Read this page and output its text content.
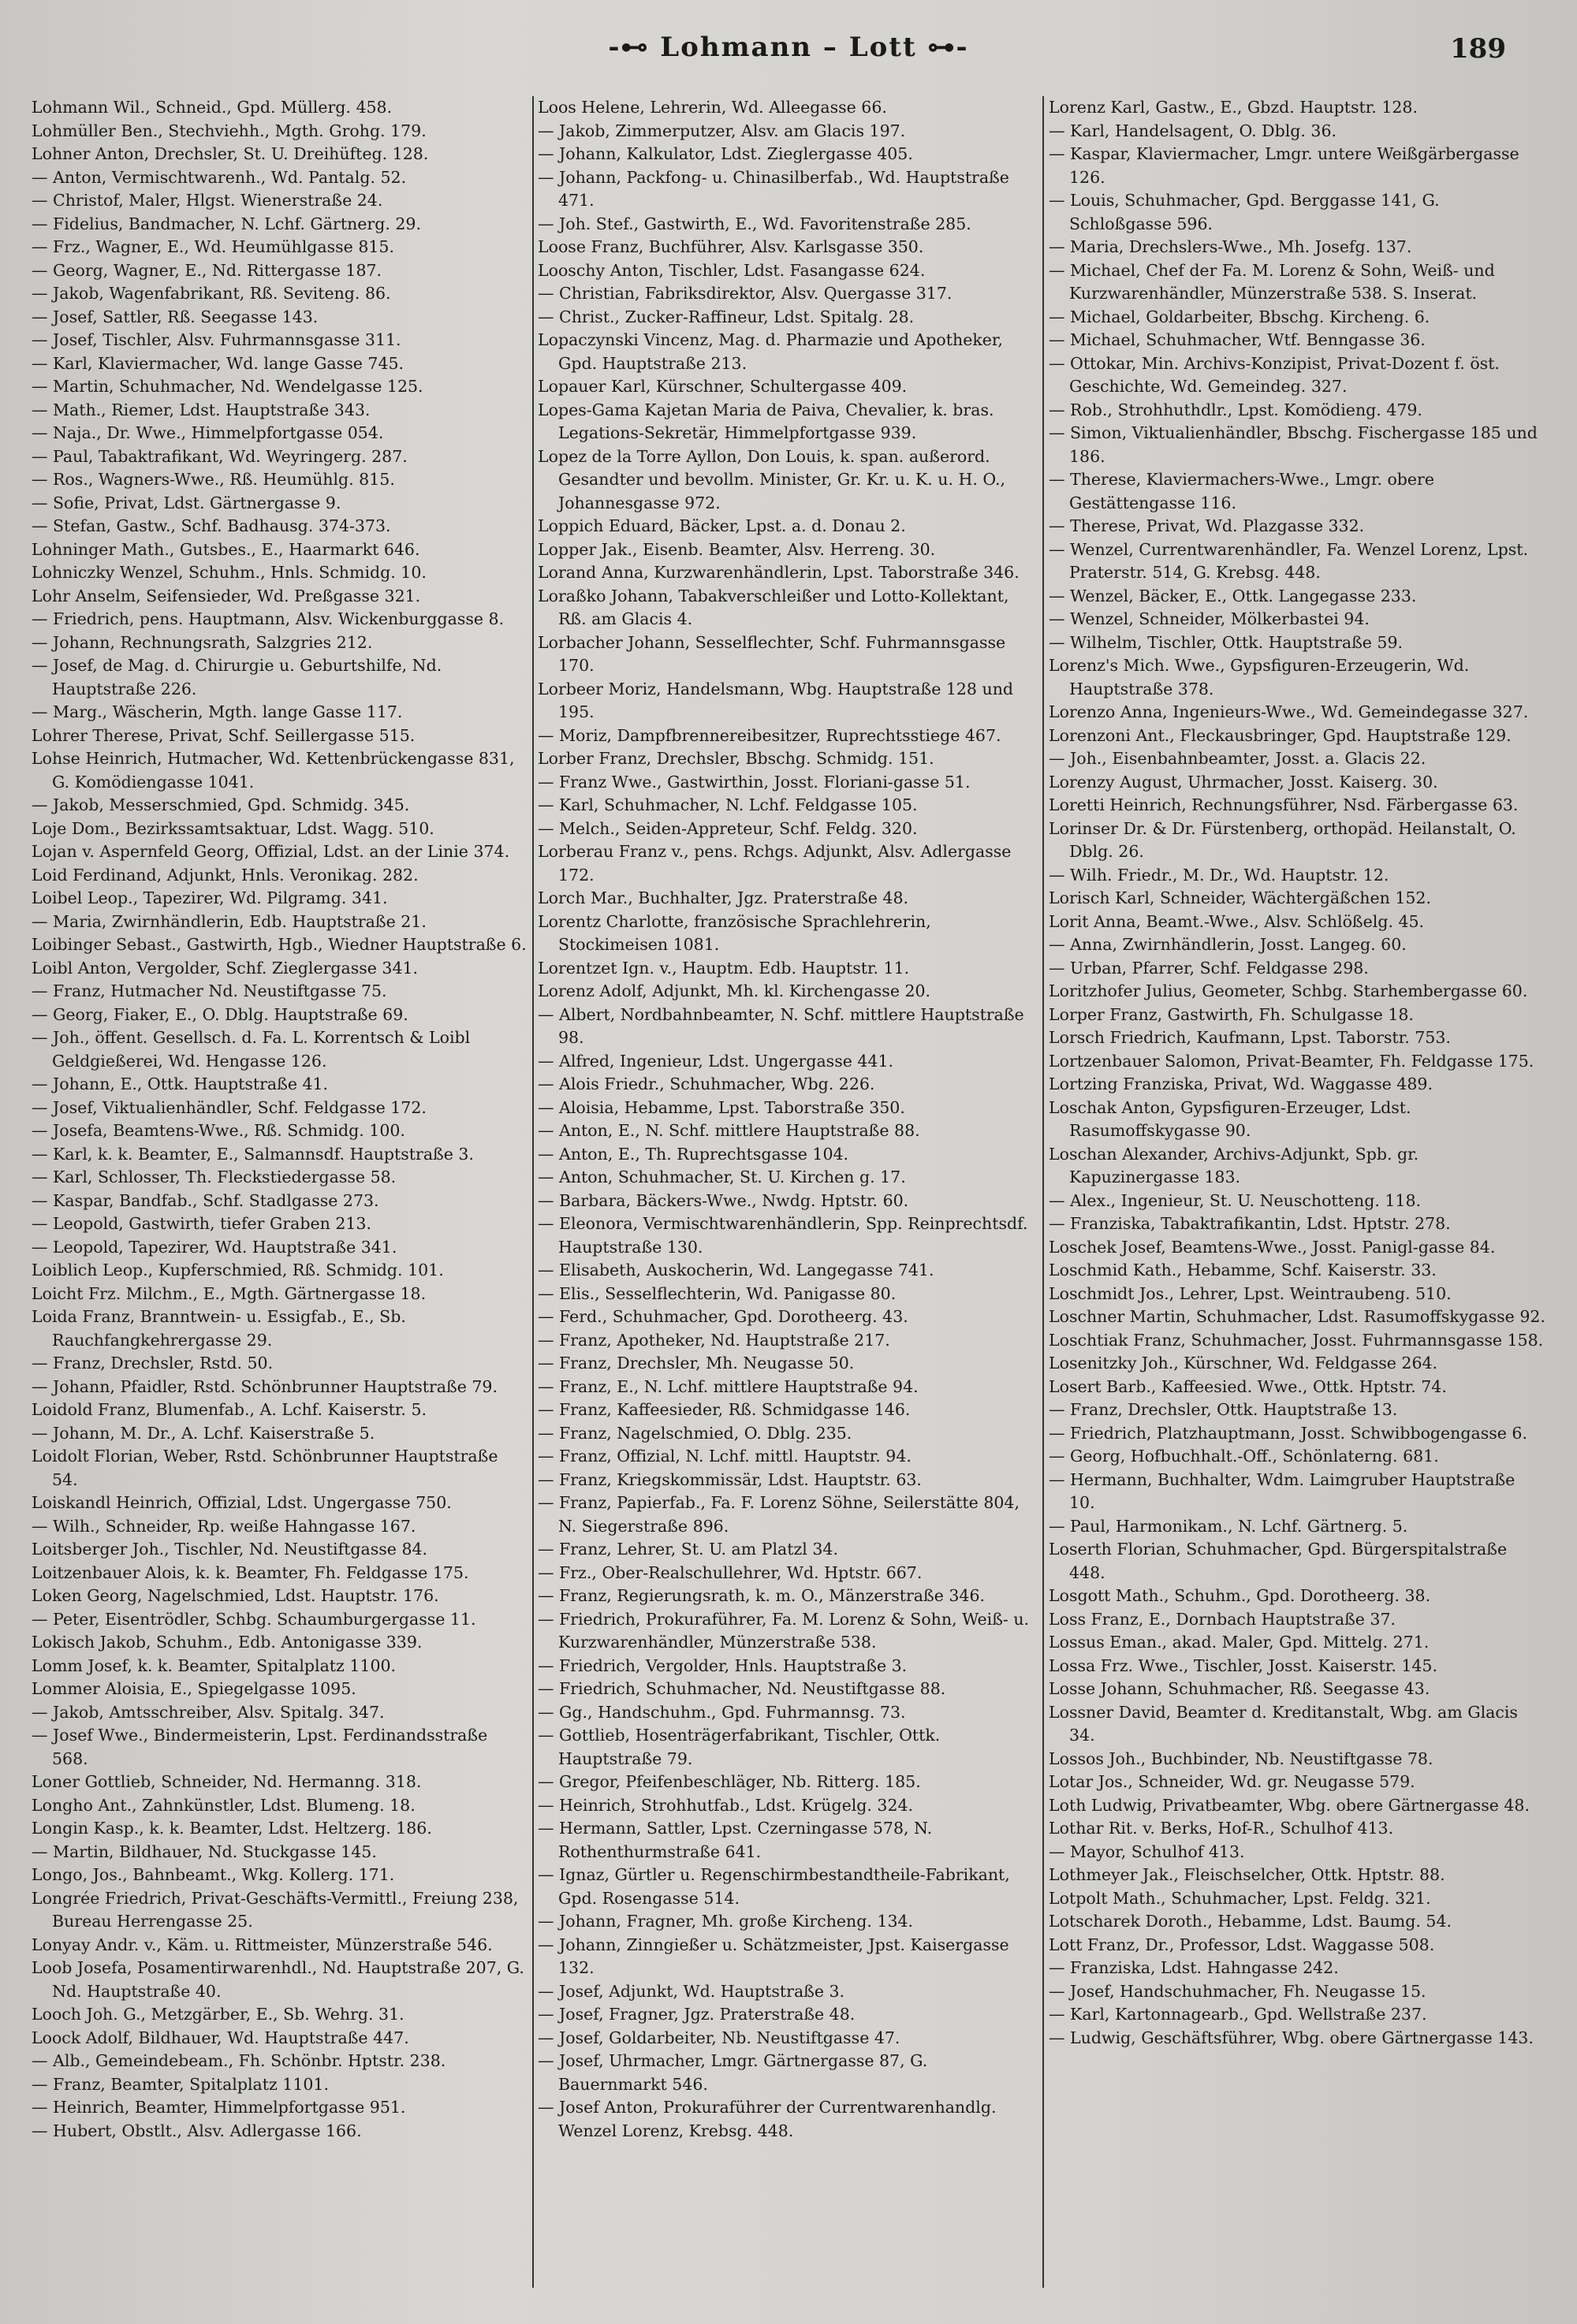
-⊷ Lohmann – Lott ⊶-	189
Lohmann Wil., Schneid., Gpd. Müllerg. 458.
Lohmüller Ben., Stechviehh., Mgth. Grohg. 179.
Lohner Anton, Drechsler, St. U. Dreihüfteg. 128.
— Anton, Vermischtwarenh., Wd. Pantalg. 52.
— Christof, Maler, Hlgst. Wienerstraße 24.
— Fidelius, Bandmacher, N. Lchf. Gärtnerg. 29.
— Frz., Wagner, E., Wd. Heumühlgasse 815.
— Georg, Wagner, E., Nd. Rittergasse 187.
— Jakob, Wagenfabrikant, Rß. Seviteng. 86.
— Josef, Sattler, Rß. Seegasse 143.
— Josef, Tischler, Alsv. Fuhrmannsgasse 311.
— Karl, Klaviermacher, Wd. lange Gasse 745.
— Martin, Schuhmacher, Nd. Wendelgasse 125.
— Math., Riemer, Ldst. Hauptstraße 343.
— Naja., Dr. Wwe., Himmelpfortgasse 054.
— Paul, Tabaktrafikant, Wd. Weyringerg. 287.
— Ros., Wagners-Wwe., Rß. Heumühlg. 815.
— Sofie, Privat, Ldst. Gärtnergasse 9.
— Stefan, Gastw., Schf. Badhausg. 374-373.
Lohninger Math., Gutsbes., E., Haarmarkt 646.
Lohniczky Wenzel, Schuhm., Hnls. Schmidg. 10.
Lohr Anselm, Seifensieder, Wd. Preßgasse 321.
— Friedrich, pens. Hauptmann, Alsv. Wickenburggasse 8.
— Johann, Rechnungsrath, Salzgries 212.
— Josef, de Mag. d. Chirurgie u. Geburtshilfe, Nd. Hauptstraße 226.
— Marg., Wäscherin, Mgth. lange Gasse 117.
Lohrer Therese, Privat, Schf. Seillergasse 515.
Lohse Heinrich, Hutmacher, Wd. Kettenbrückengasse 831, G. Komödiengasse 1041.
— Jakob, Messerschmied, Gpd. Schmidg. 345.
Loje Dom., Bezirkssamtsaktuar, Ldst. Wagg. 510.
Lojan v. Aspernfeld Georg, Offizial, Ldst. an der Linie 374.
Loid Ferdinand, Adjunkt, Hnls. Veronikag. 282.
Loibel Leop., Tapezirer, Wd. Pilgramg. 341.
— Maria, Zwirnhändlerin, Edb. Hauptstraße 21.
Loibinger Sebast., Gastwirth, Hgb., Wiedner Hauptstraße 6.
Loibl Anton, Vergolder, Schf. Zieglergasse 341.
— Franz, Hutmacher Nd. Neustiftgasse 75.
— Georg, Fiaker, E., O. Dblg. Hauptstraße 69.
— Joh., öffent. Gesellsch. d. Fa. L. Korrentsch & Loibl Geldgießerei, Wd. Hengasse 126.
— Johann, E., Ottk. Hauptstraße 41.
— Josef, Viktualienhändler, Schf. Feldgasse 172.
— Josefa, Beamtens-Wwe., Rß. Schmidg. 100.
— Karl, k. k. Beamter, E., Salmannsdf. Hauptstraße 3.
— Karl, Schlosser, Th. Fleckstiedergasse 58.
— Kaspar, Bandfab., Schf. Stadlgasse 273.
— Leopold, Gastwirth, tiefer Graben 213.
— Leopold, Tapezirer, Wd. Hauptstraße 341.
Loiblich Leop., Kupferschmied, Rß. Schmidg. 101.
Loicht Frz. Milchm., E., Mgth. Gärtnergasse 18.
Loida Franz, Branntwein- u. Essigfab., E., Sb. Rauchfangkehrergasse 29.
— Franz, Drechsler, Rstd. 50.
— Johann, Pfaidler, Rstd. Schönbrunner Hauptstraße 79.
Loidold Franz, Blumenfab., A. Lchf. Kaiserstr. 5.
— Johann, M. Dr., A. Lchf. Kaiserstraße 5.
Loidolt Florian, Weber, Rstd. Schönbrunner Hauptstraße 54.
Loiskandl Heinrich, Offizial, Ldst. Ungergasse 750.
— Wilh., Schneider, Rp. weiße Hahngasse 167.
Loitsberger Joh., Tischler, Nd. Neustiftgasse 84.
Loitzenbauer Alois, k. k. Beamter, Fh. Feldgasse 175.
Loken Georg, Nagelschmied, Ldst. Hauptstr. 176.
— Peter, Eisentrödler, Schbg. Schaumburgergasse 11.
Lokisch Jakob, Schuhm., Edb. Antonigasse 339.
Lomm Josef, k. k. Beamter, Spitalplatz 1100.
Lommer Aloisia, E., Spiegelgasse 1095.
— Jakob, Amtsschreiber, Alsv. Spitalg. 347.
— Josef Wwe., Bindermeisterin, Lpst. Ferdinandsstraße 568.
Loner Gottlieb, Schneider, Nd. Hermanng. 318.
Longho Ant., Zahnkünstler, Ldst. Blumeng. 18.
Longin Kasp., k. k. Beamter, Ldst. Heltzerg. 186.
— Martin, Bildhauer, Nd. Stuckgasse 145.
Longo, Jos., Bahnbeamt., Wkg. Kollerg. 171.
Longrée Friedrich, Privat-Geschäfts-Vermittl., Freiung 238, Bureau Herrengasse 25.
Lonyay Andr. v., Käm. u. Rittmeister, Münzerstraße 546.
Loob Josefa, Posamentirwarenhdl., Nd. Hauptstraße 207, G. Nd. Hauptstraße 40.
Looch Joh. G., Metzgärber, E., Sb. Wehrg. 31.
Loock Adolf, Bildhauer, Wd. Hauptstraße 447.
— Alb., Gemeindebeam., Fh. Schönbr. Hptstr. 238.
— Franz, Beamter, Spitalplatz 1101.
— Heinrich, Beamter, Himmelpfortgasse 951.
— Hubert, Obstlt., Alsv. Adlergasse 166.
Loos Helene, Lehrerin, Wd. Alleegasse 66.
— Jakob, Zimmerputzer, Alsv. am Glacis 197.
— Johann, Kalkulator, Ldst. Zieglergasse 405.
— Johann, Packfong- u. Chinasilberfab., Wd. Hauptstraße 471.
— Joh. Stef., Gastwirth, E., Wd. Favoritenstraße 285.
Loose Franz, Buchführer, Alsv. Karlsgasse 350.
Looschy Anton, Tischler, Ldst. Fasangasse 624.
— Christian, Fabriksdirektor, Alsv. Quergasse 317.
— Christ., Zucker-Raffineur, Ldst. Spitalg. 28.
Lopaczynski Vincenz, Mag. d. Pharmazie und Apotheker, Gpd. Hauptstraße 213.
Lopauer Karl, Kürschner, Schultergasse 409.
Lopes-Gama Kajetan Maria de Paiva, Chevalier, k. bras. Legations-Sekretär, Himmelpfortgasse 939.
Lopez de la Torre Ayllon, Don Louis, k. span. außerord. Gesandter und bevollm. Minister, Gr. Kr. u. K. u. H. O., Johannesgasse 972.
Loppich Eduard, Bäcker, Lpst. a. d. Donau 2.
Lopper Jak., Eisenb. Beamter, Alsv. Herreng. 30.
Lorand Anna, Kurzwarenhändlerin, Lpst. Taborstraße 346.
Loraßko Johann, Tabakverschleißer und Lotto-Kollektant, Rß. am Glacis 4.
Lorbacher Johann, Sesselflechter, Schf. Fuhrmannsgasse 170.
Lorbeer Moriz, Handelsmann, Wbg. Hauptstraße 128 und 195.
— Moriz, Dampfbrennereibesitzer, Ruprechtsstiege 467.
Lorber Franz, Drechsler, Bbschg. Schmidg. 151.
— Franz Wwe., Gastwirthin, Josst. Floriani-gasse 51.
— Karl, Schuhmacher, N. Lchf. Feldgasse 105.
— Melch., Seiden-Appreteur, Schf. Feldg. 320.
Lorberau Franz v., pens. Rchgs. Adjunkt, Alsv. Adlergasse 172.
Lorch Mar., Buchhalter, Jgz. Praterstraße 48.
Lorentz Charlotte, französische Sprachlehrerin, Stockimeisen 1081.
Lorentzet Ign. v., Hauptm. Edb. Hauptstr. 11.
Lorenz Adolf, Adjunkt, Mh. kl. Kirchengasse 20.
— Albert, Nordbahnbeamter, N. Schf. mittlere Hauptstraße 98.
— Alfred, Ingenieur, Ldst. Ungergasse 441.
— Alois Friedr., Schuhmacher, Wbg. 226.
— Aloisia, Hebamme, Lpst. Taborstraße 350.
— Anton, E., N. Schf. mittlere Hauptstraße 88.
— Anton, E., Th. Ruprechtsgasse 104.
— Anton, Schuhmacher, St. U. Kirchen g. 17.
— Barbara, Bäckers-Wwe., Nwdg. Hptstr. 60.
— Eleonora, Vermischtwarenhändlerin, Spp. Reinprechtsdf. Hauptstraße 130.
— Elisabeth, Auskocherin, Wd. Langegasse 741.
— Elis., Sesselflechterin, Wd. Panigasse 80.
— Ferd., Schuhmacher, Gpd. Dorotheerg. 43.
— Franz, Apotheker, Nd. Hauptstraße 217.
— Franz, Drechsler, Mh. Neugasse 50.
— Franz, E., N. Lchf. mittlere Hauptstraße 94.
— Franz, Kaffeesieder, Rß. Schmidgasse 146.
— Franz, Nagelschmied, O. Dblg. 235.
— Franz, Offizial, N. Lchf. mittl. Hauptstr. 94.
— Franz, Kriegskommissär, Ldst. Hauptstr. 63.
— Franz, Papierfab., Fa. F. Lorenz Söhne, Seilerstätte 804, N. Siegerstraße 896.
— Franz, Lehrer, St. U. am Platzl 34.
— Frz., Ober-Realschullehrer, Wd. Hptstr. 667.
— Franz, Regierungsrath, k. m. O., Mänzerstraße 346.
— Friedrich, Prokuraführer, Fa. M. Lorenz & Sohn, Weiß- u. Kurzwarenhändler, Münzerstraße 538.
— Friedrich, Vergolder, Hnls. Hauptstraße 3.
— Friedrich, Schuhmacher, Nd. Neustiftgasse 88.
— Gg., Handschuhm., Gpd. Fuhrmannsg. 73.
— Gottlieb, Hosenträgerfabrikant, Tischler, Ottk. Hauptstraße 79.
— Gregor, Pfeifenbeschläger, Nb. Ritterg. 185.
— Heinrich, Strohhutfab., Ldst. Krügelg. 324.
— Hermann, Sattler, Lpst. Czerningasse 578, N. Rothenthurmstraße 641.
— Ignaz, Gürtler u. Regenschirmbestandtheile-Fabrikant, Gpd. Rosengasse 514.
— Johann, Fragner, Mh. große Kircheng. 134.
— Johann, Zinngießer u. Schätzmeister, Jpst. Kaisergasse 132.
— Josef, Adjunkt, Wd. Hauptstraße 3.
— Josef, Fragner, Jgz. Praterstraße 48.
— Josef, Goldarbeiter, Nb. Neustiftgasse 47.
— Josef, Uhrmacher, Lmgr. Gärtnergasse 87, G. Bauernmarkt 546.
— Josef Anton, Prokuraführer der Currentwarenhandlg. Wenzel Lorenz, Krebsg. 448.
Lorenz Karl, Gastw., E., Gbzd. Hauptstr. 128.
— Karl, Handelsagent, O. Dblg. 36.
— Kaspar, Klaviermacher, Lmgr. untere Weißgärbergasse 126.
— Louis, Schuhmacher, Gpd. Berggasse 141, G. Schloßgasse 596.
— Maria, Drechslers-Wwe., Mh. Josefg. 137.
— Michael, Chef der Fa. M. Lorenz & Sohn, Weiß- und Kurzwarenhändler, Münzerstraße 538. S. Inserat.
— Michael, Goldarbeiter, Bbschg. Kircheng. 6.
— Michael, Schuhmacher, Wtf. Benngasse 36.
— Ottokar, Min. Archivs-Konzipist, Privat-Dozent f. öst. Geschichte, Wd. Gemeindeg. 327.
— Rob., Strohhuthdlr., Lpst. Komödieng. 479.
— Simon, Viktualienhändler, Bbschg. Fischergasse 185 und 186.
— Therese, Klaviermachers-Wwe., Lmgr. obere Gestättengasse 116.
— Therese, Privat, Wd. Plazgasse 332.
— Wenzel, Currentwarenhändler, Fa. Wenzel Lorenz, Lpst. Praterstr. 514, G. Krebsg. 448.
— Wenzel, Bäcker, E., Ottk. Langegasse 233.
— Wenzel, Schneider, Mölkerbastei 94.
— Wilhelm, Tischler, Ottk. Hauptstraße 59.
Lorenz's Mich. Wwe., Gypsfiguren-Erzeugerin, Wd. Hauptstraße 378.
Lorenzo Anna, Ingenieurs-Wwe., Wd. Gemeindegasse 327.
Lorenzoni Ant., Fleckausbringer, Gpd. Hauptstraße 129.
— Joh., Eisenbahnbeamter, Josst. a. Glacis 22.
Lorenzy August, Uhrmacher, Josst. Kaiserg. 30.
Loretti Heinrich, Rechnungsführer, Nsd. Färbergasse 63.
Lorinser Dr. & Dr. Fürstenberg, orthopäd. Heilanstalt, O. Dblg. 26.
— Wilh. Friedr., M. Dr., Wd. Hauptstr. 12.
Lorisch Karl, Schneider, Wächtergäßchen 152.
Lorit Anna, Beamt.-Wwe., Alsv. Schlößelg. 45.
— Anna, Zwirnhändlerin, Josst. Langeg. 60.
— Urban, Pfarrer, Schf. Feldgasse 298.
Loritzhofer Julius, Geometer, Schbg. Starhembergasse 60.
Lorper Franz, Gastwirth, Fh. Schulgasse 18.
Lorsch Friedrich, Kaufmann, Lpst. Taborstr. 753.
Lortzenbauer Salomon, Privat-Beamter, Fh. Feldgasse 175.
Lortzing Franziska, Privat, Wd. Waggasse 489.
Loschak Anton, Gypsfiguren-Erzeuger, Ldst. Rasumoffskygasse 90.
Loschan Alexander, Archivs-Adjunkt, Spb. gr. Kapuzinergasse 183.
— Alex., Ingenieur, St. U. Neuschotteng. 118.
— Franziska, Tabaktrafikantin, Ldst. Hptstr. 278.
Loschek Josef, Beamtens-Wwe., Josst. Panigl-gasse 84.
Loschmid Kath., Hebamme, Schf. Kaiserstr. 33.
Loschmidt Jos., Lehrer, Lpst. Weintraubeng. 510.
Loschner Martin, Schuhmacher, Ldst. Rasumoffskygasse 92.
Loschtiak Franz, Schuhmacher, Josst. Fuhrmannsgasse 158.
Losenitzky Joh., Kürschner, Wd. Feldgasse 264.
Losert Barb., Kaffeesied. Wwe., Ottk. Hptstr. 74.
— Franz, Drechsler, Ottk. Hauptstraße 13.
— Friedrich, Platzhauptmann, Josst. Schwibbogengasse 6.
— Georg, Hofbuchhalt.-Off., Schönlaterng. 681.
— Hermann, Buchhalter, Wdm. Laimgruber Hauptstraße 10.
— Paul, Harmonikam., N. Lchf. Gärtnerg. 5.
Loserth Florian, Schuhmacher, Gpd. Bürgerspitalstraße 448.
Losgott Math., Schuhm., Gpd. Dorotheerg. 38.
Loss Franz, E., Dornbach Hauptstraße 37.
Lossus Eman., akad. Maler, Gpd. Mittelg. 271.
Lossa Frz. Wwe., Tischler, Josst. Kaiserstr. 145.
Losse Johann, Schuhmacher, Rß. Seegasse 43.
Lossner David, Beamter d. Kreditanstalt, Wbg. am Glacis 34.
Lossos Joh., Buchbinder, Nb. Neustiftgasse 78.
Lotar Jos., Schneider, Wd. gr. Neugasse 579.
Loth Ludwig, Privatbeamter, Wbg. obere Gärtnergasse 48.
Lothar Rit. v. Berks, Hof-R., Schulhof 413.
— Mayor, Schulhof 413.
Lothmeyer Jak., Fleischselcher, Ottk. Hptstr. 88.
Lotpolt Math., Schuhmacher, Lpst. Feldg. 321.
Lotscharek Doroth., Hebamme, Ldst. Baumg. 54.
Lott Franz, Dr., Professor, Ldst. Waggasse 508.
— Franziska, Ldst. Hahngasse 242.
— Josef, Handschuhmacher, Fh. Neugasse 15.
— Karl, Kartonnagearb., Gpd. Wellstraße 237.
— Ludwig, Geschäftsführer, Wbg. obere Gärtnergasse 143.
